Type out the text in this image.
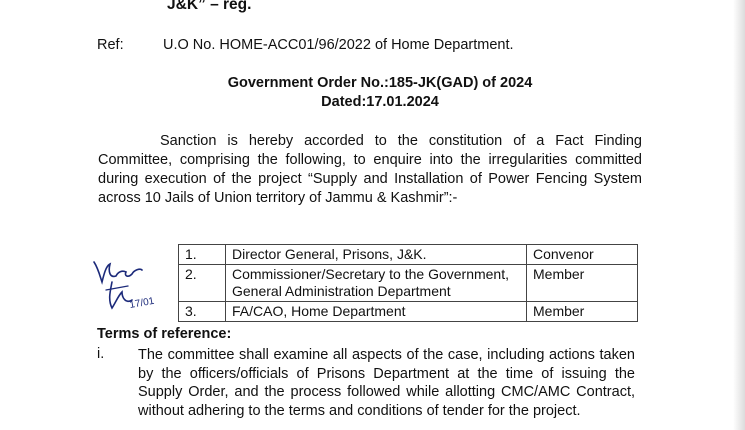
J&K” – reg.
Ref:	U.O No. HOME-ACC01/96/2022 of Home Department.
Government Order No.:185-JK(GAD) of 2024
Dated:17.01.2024
Sanction is hereby accorded to the constitution of a Fact Finding Committee, comprising the following, to enquire into the irregularities committed during execution of the project “Supply and Installation of Power Fencing System across 10 Jails of Union territory of Jammu & Kashmir”:-
17/01
1.	Director General, Prisons, J&K.	Convenor
2.	Commissioner/Secretary to the Government, General Administration Department	Member
3.	FA/CAO, Home Department	Member
Terms of reference:
i. The committee shall examine all aspects of the case, including actions taken by the officers/officials of Prisons Department at the time of issuing the Supply Order, and the process followed while allotting CMC/AMC Contract, without adhering to the terms and conditions of tender for the project.
